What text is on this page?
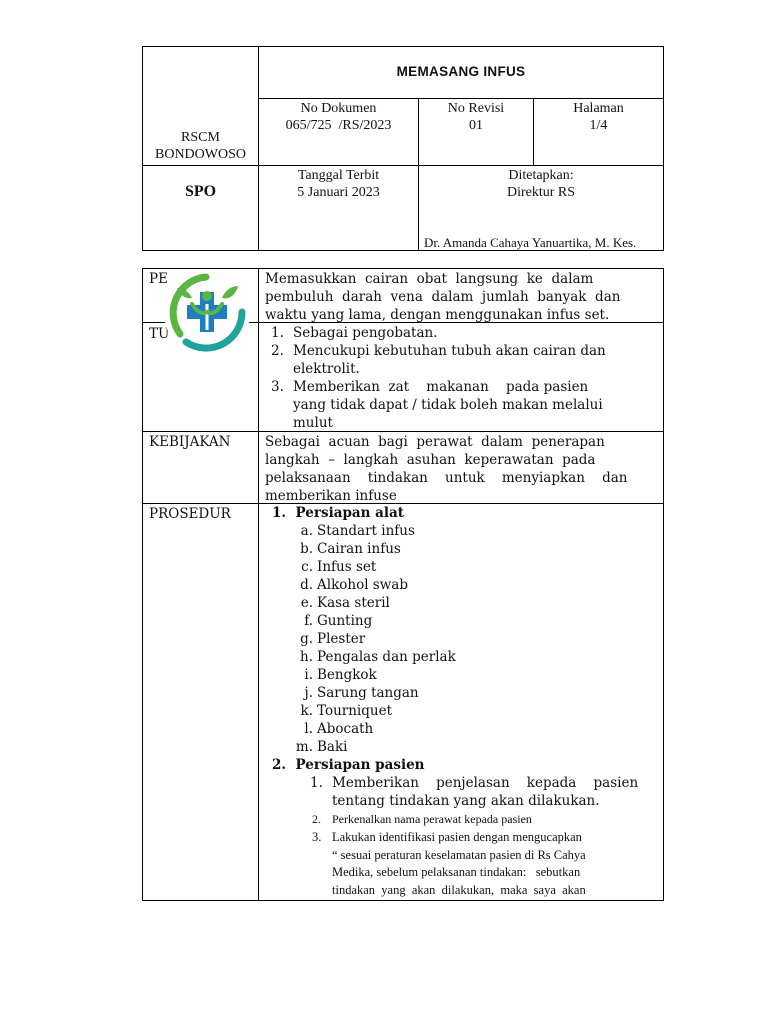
MEMASANG INFUS
RSCM
BONDOWOSO
No Dokumen
065/725  /RS/2023
No Revisi
01
Halaman
1/4
SPO
Tanggal Terbit
5 Januari 2023
Ditetapkan:
Direktur RS
Dr. Amanda Cahaya Yanuartika, M. Kes.
PE
TU
KEBIJAKAN
PROSEDUR
Memasukkan  cairan  obat  langsung  ke  dalam
pembuluh  darah  vena  dalam  jumlah  banyak  dan
waktu yang lama, dengan menggunakan infus set.
1. Sebagai pengobatan.
2. Mencukupi kebutuhan tubuh akan cairan dan
elektrolit.
3. Memberikan  zat    makanan    pada pasien
yang tidak dapat / tidak boleh makan melalui
mulut
Sebagai  acuan  bagi  perawat  dalam  penerapan
langkah  –  langkah  asuhan  keperawatan  pada
pelaksanaan    tindakan    untuk    menyiapkan    dan
memberikan infuse
1.  Persiapan alat
a. Standart infus
b. Cairan infus
c. Infus set
d. Alkohol swab
e. Kasa steril
f. Gunting
g. Plester
h. Pengalas dan perlak
i. Bengkok
j. Sarung tangan
k. Tourniquet
l. Abocath
m. Baki
2.  Persiapan pasien
1. Memberikan    penjelasan    kepada    pasien
tentang tindakan yang akan dilakukan.
2. Perkenalkan nama perawat kepada pasien
3. Lakukan identifikasi pasien dengan mengucapkan
“ sesuai peraturan keselamatan pasien di Rs Cahya
Medika, sebelum pelaksanan tindakan:   sebutkan
tindakan  yang  akan  dilakukan,  maka  saya  akan
